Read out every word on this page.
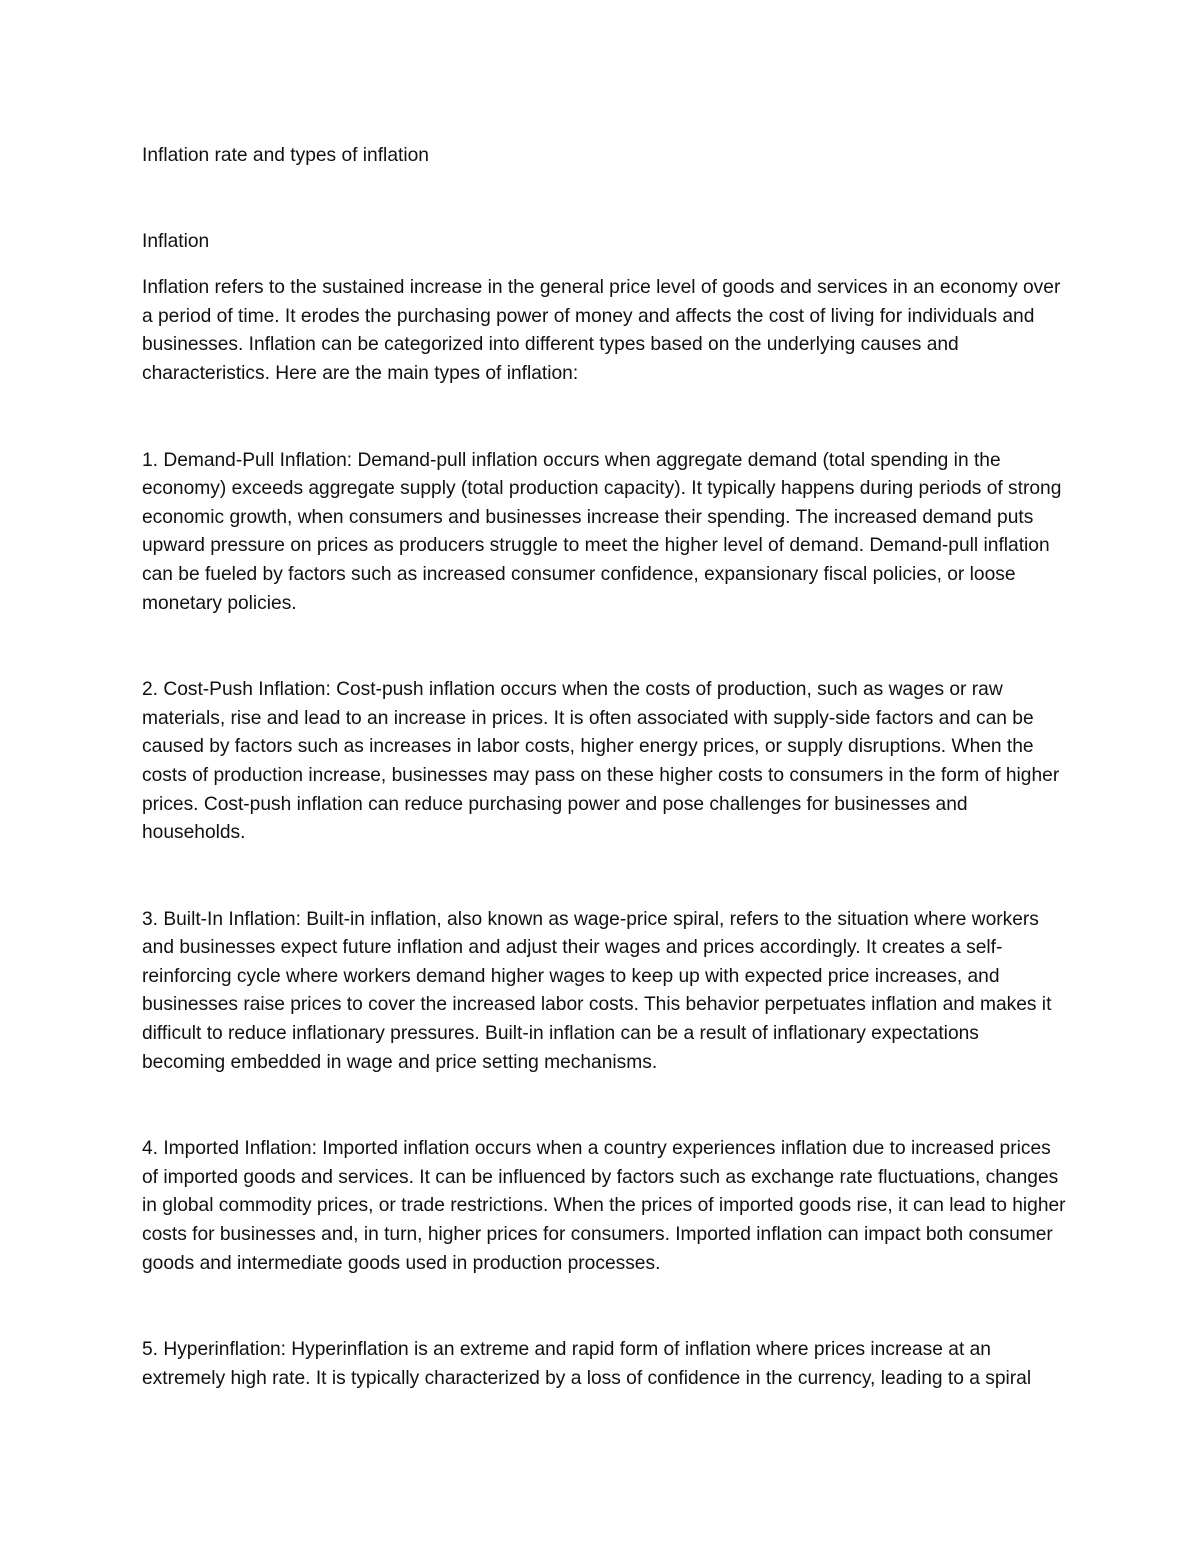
Inflation rate and types of inflation

Inflation

Inflation refers to the sustained increase in the general price level of goods and services in an economy over a period of time. It erodes the purchasing power of money and affects the cost of living for individuals and businesses. Inflation can be categorized into different types based on the underlying causes and characteristics. Here are the main types of inflation:

1. Demand-Pull Inflation: Demand-pull inflation occurs when aggregate demand (total spending in the economy) exceeds aggregate supply (total production capacity). It typically happens during periods of strong economic growth, when consumers and businesses increase their spending. The increased demand puts upward pressure on prices as producers struggle to meet the higher level of demand. Demand-pull inflation can be fueled by factors such as increased consumer confidence, expansionary fiscal policies, or loose monetary policies.

2. Cost-Push Inflation: Cost-push inflation occurs when the costs of production, such as wages or raw materials, rise and lead to an increase in prices. It is often associated with supply-side factors and can be caused by factors such as increases in labor costs, higher energy prices, or supply disruptions. When the costs of production increase, businesses may pass on these higher costs to consumers in the form of higher prices. Cost-push inflation can reduce purchasing power and pose challenges for businesses and households.

3. Built-In Inflation: Built-in inflation, also known as wage-price spiral, refers to the situation where workers and businesses expect future inflation and adjust their wages and prices accordingly. It creates a self-reinforcing cycle where workers demand higher wages to keep up with expected price increases, and businesses raise prices to cover the increased labor costs. This behavior perpetuates inflation and makes it difficult to reduce inflationary pressures. Built-in inflation can be a result of inflationary expectations becoming embedded in wage and price setting mechanisms.

4. Imported Inflation: Imported inflation occurs when a country experiences inflation due to increased prices of imported goods and services. It can be influenced by factors such as exchange rate fluctuations, changes in global commodity prices, or trade restrictions. When the prices of imported goods rise, it can lead to higher costs for businesses and, in turn, higher prices for consumers. Imported inflation can impact both consumer goods and intermediate goods used in production processes.

5. Hyperinflation: Hyperinflation is an extreme and rapid form of inflation where prices increase at an extremely high rate. It is typically characterized by a loss of confidence in the currency, leading to a spiral
